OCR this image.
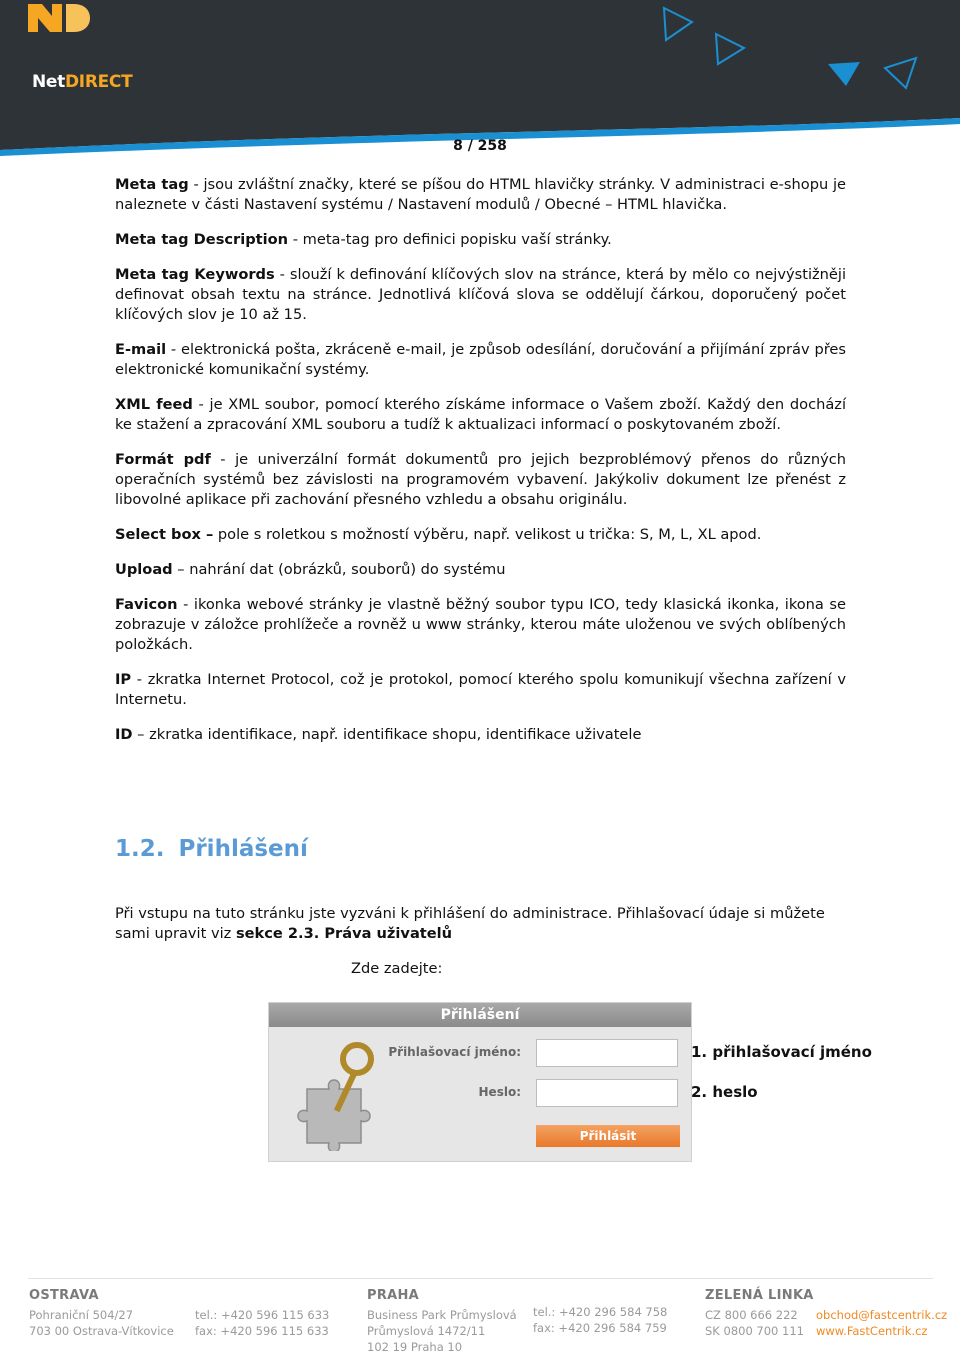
NetDIRECT
8 / 258

Meta tag - jsou zvláštní značky, které se píšou do HTML hlavičky stránky. V administraci e-shopu je naleznete v části Nastavení systému / Nastavení modulů / Obecné – HTML hlavička.

Meta tag Description - meta-tag pro definici popisku vaší stránky.

Meta tag Keywords - slouží k definování klíčových slov na stránce, která by mělo co nejvýstižněji definovat obsah textu na stránce. Jednotlivá klíčová slova se oddělují čárkou, doporučený počet klíčových slov je 10 až 15.

E-mail - elektronická pošta, zkráceně e-mail, je způsob odesílání, doručování a přijímání zpráv přes elektronické komunikační systémy.

XML feed - je XML soubor, pomocí kterého získáme informace o Vašem zboží. Každý den dochází ke stažení a zpracování XML souboru a tudíž k aktualizaci informací o poskytovaném zboží.

Formát pdf - je univerzální formát dokumentů pro jejich bezproblémový přenos do různých operačních systémů bez závislosti na programovém vybavení. Jakýkoliv dokument lze přenést z libovolné aplikace při zachování přesného vzhledu a obsahu originálu.

Select box – pole s roletkou s možností výběru, např. velikost u trička: S, M, L, XL apod.

Upload – nahrání dat (obrázků, souborů) do systému

Favicon - ikonka webové stránky je vlastně běžný soubor typu ICO, tedy klasická ikonka, ikona se zobrazuje v záložce prohlížeče a rovněž u www stránky, kterou máte uloženou ve svých oblíbených položkách.

IP - zkratka Internet Protocol, což je protokol, pomocí kterého spolu komunikují všechna zařízení v Internetu.

ID – zkratka identifikace, např. identifikace shopu, identifikace uživatele

1.2. Přihlášení
Při vstupu na tuto stránku jste vyzváni k přihlášení do administrace. Přihlašovací údaje si můžete sami upravit viz sekce 2.3. Práva uživatelů
Zde zadejte:
Přihlášení
Přihlašovací jméno:
Heslo:
Přihlásit
1. přihlašovací jméno
2. heslo
OSTRAVA
Pohraniční 504/27
703 00 Ostrava-Vítkovice
tel.: +420 596 115 633
fax: +420 596 115 633
PRAHA
Business Park Průmyslová
Průmyslová 1472/11
102 19 Praha 10
tel.: +420 296 584 758
fax: +420 296 584 759
ZELENÁ LINKA
CZ 800 666 222
SK 0800 700 111
obchod@fastcentrik.cz
www.FastCentrik.cz
